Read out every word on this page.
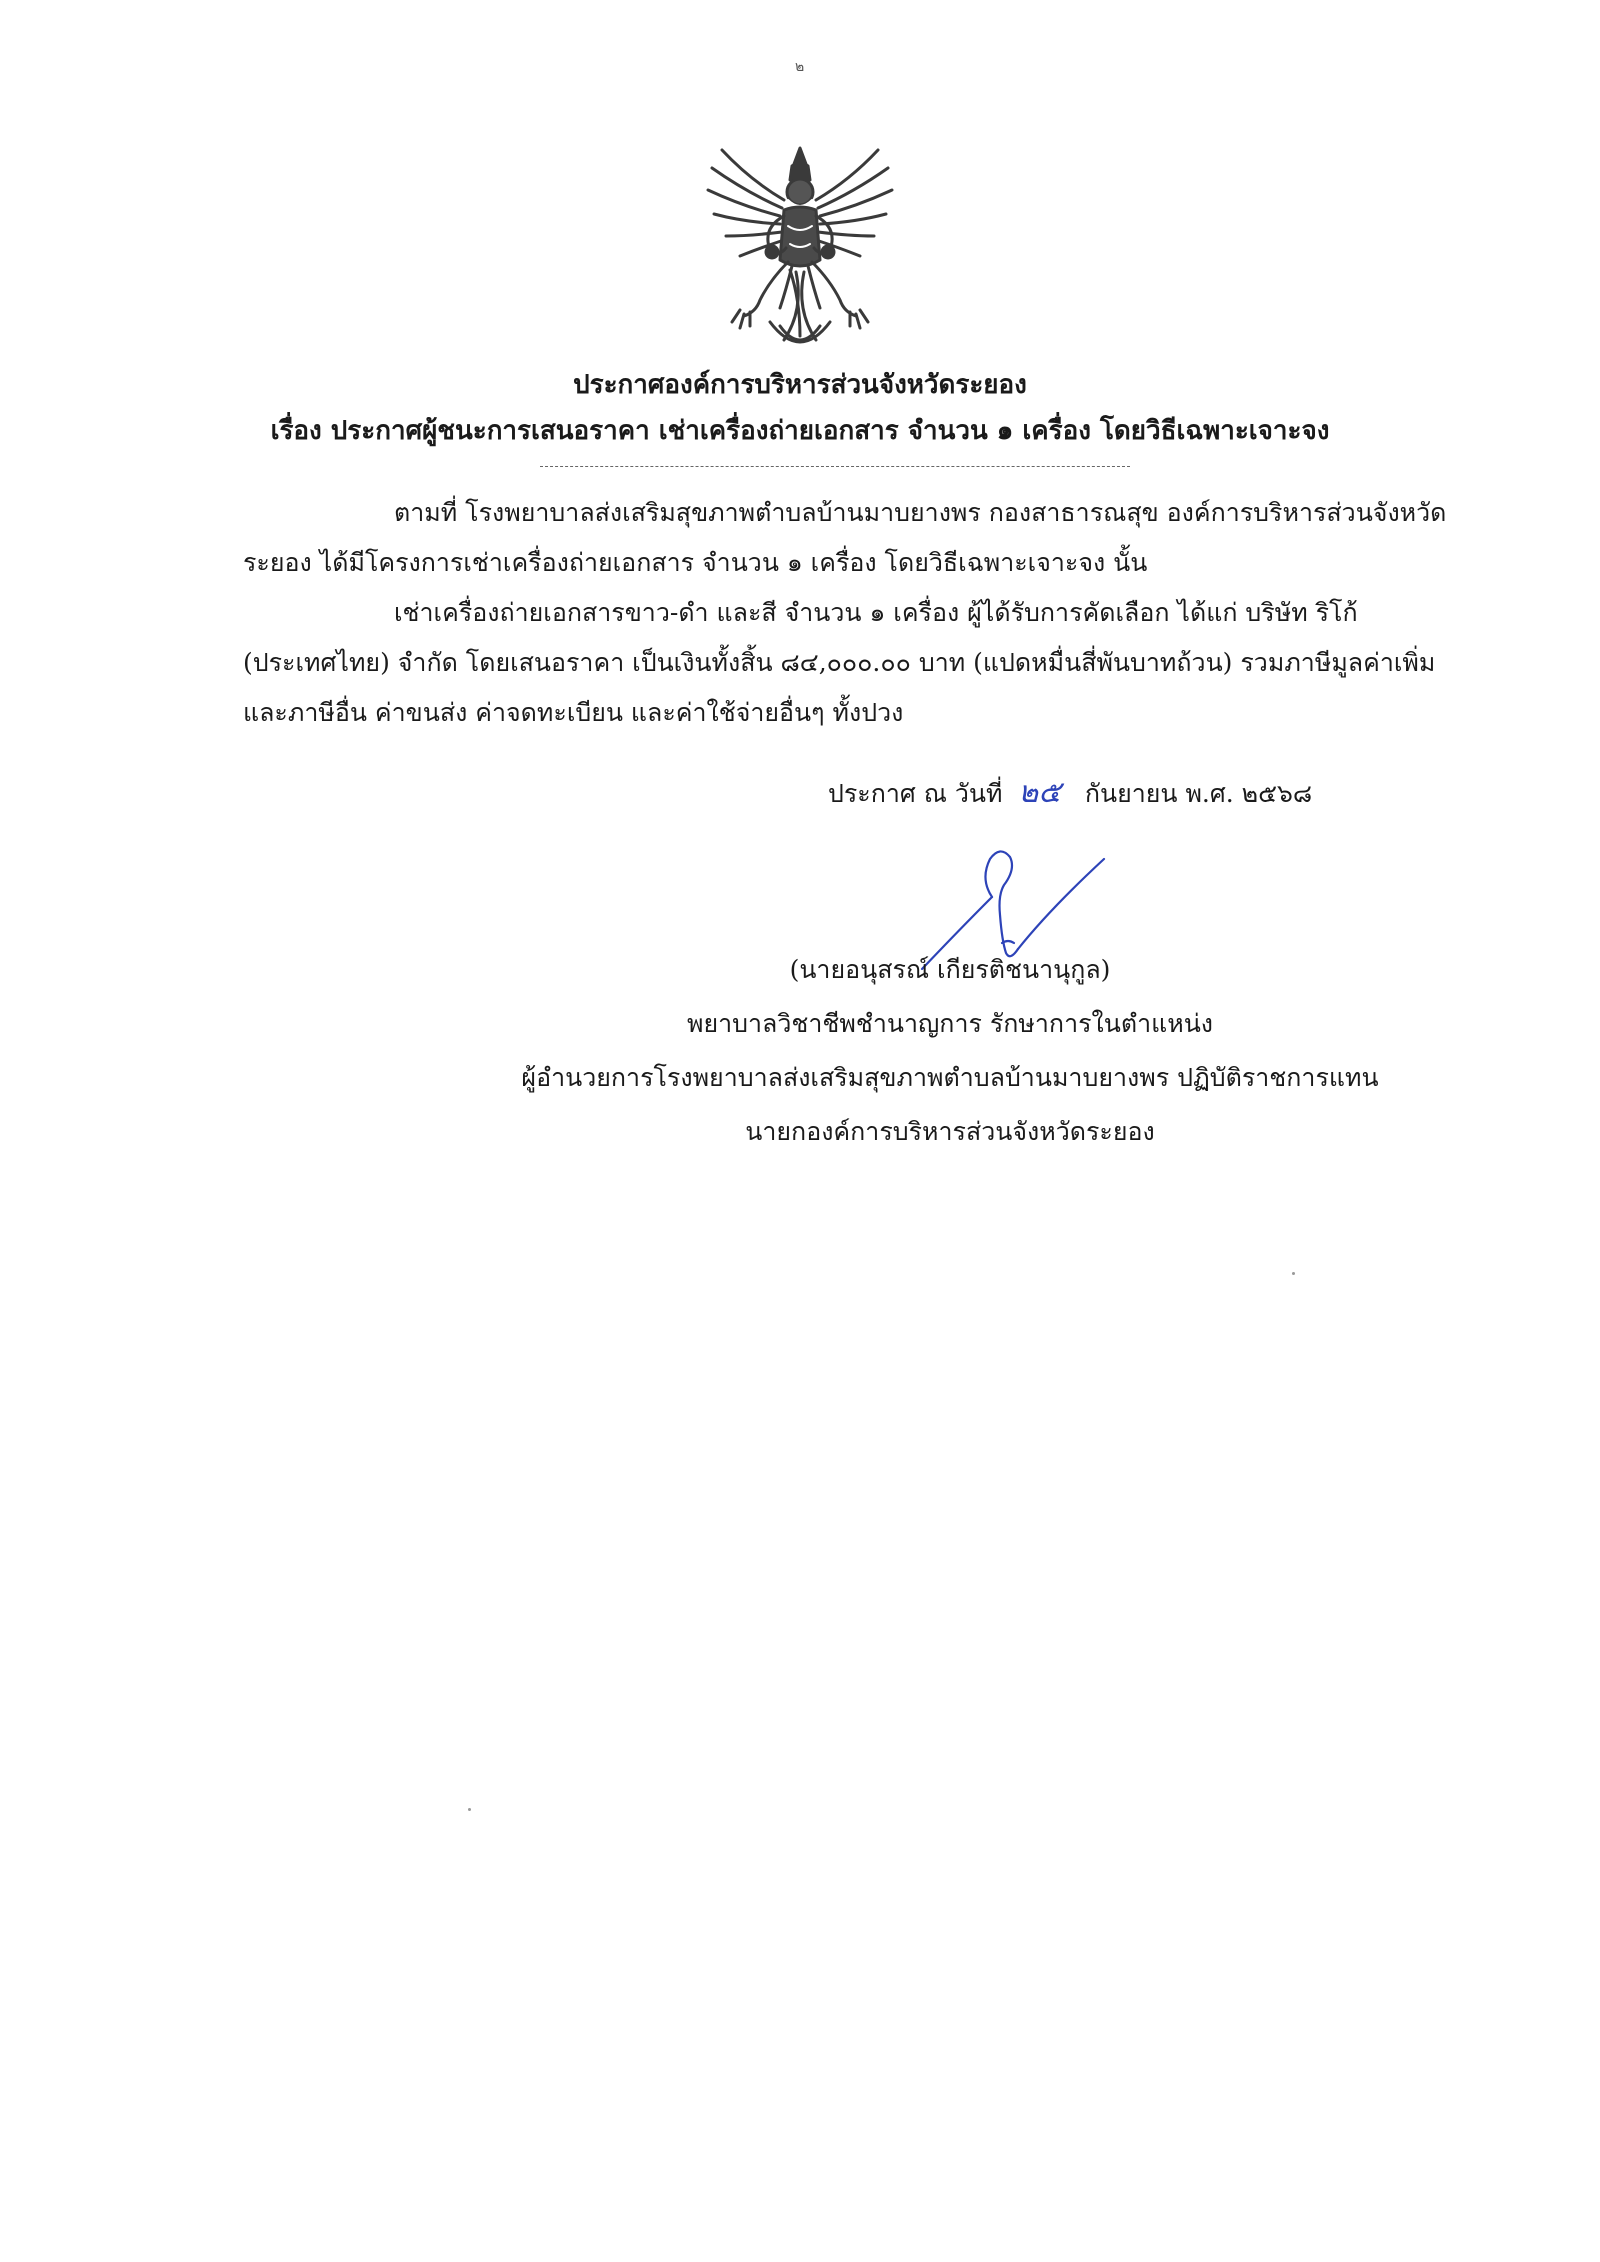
๒
ประกาศองค์การบริหารส่วนจังหวัดระยอง
เรื่อง ประกาศผู้ชนะการเสนอราคา เช่าเครื่องถ่ายเอกสาร จำนวน ๑ เครื่อง โดยวิธีเฉพาะเจาะจง
ตามที่ โรงพยาบาลส่งเสริมสุขภาพตำบลบ้านมาบยางพร กองสาธารณสุข องค์การบริหารส่วนจังหวัด
ระยอง ได้มีโครงการเช่าเครื่องถ่ายเอกสาร จำนวน ๑ เครื่อง โดยวิธีเฉพาะเจาะจง นั้น
เช่าเครื่องถ่ายเอกสารขาว-ดำ และสี จำนวน ๑ เครื่อง ผู้ได้รับการคัดเลือก ได้แก่ บริษัท ริโก้
(ประเทศไทย) จำกัด โดยเสนอราคา เป็นเงินทั้งสิ้น ๘๔,๐๐๐.๐๐ บาท (แปดหมื่นสี่พันบาทถ้วน) รวมภาษีมูลค่าเพิ่ม
และภาษีอื่น ค่าขนส่ง ค่าจดทะเบียน และค่าใช้จ่ายอื่นๆ ทั้งปวง
ประกาศ ณ วันที่ ๒๕ กันยายน พ.ศ. ๒๕๖๘
(นายอนุสรณ์ เกียรติชนานุกูล)
พยาบาลวิชาชีพชำนาญการ รักษาการในตำแหน่ง
ผู้อำนวยการโรงพยาบาลส่งเสริมสุขภาพตำบลบ้านมาบยางพร ปฏิบัติราชการแทน
นายกองค์การบริหารส่วนจังหวัดระยอง
